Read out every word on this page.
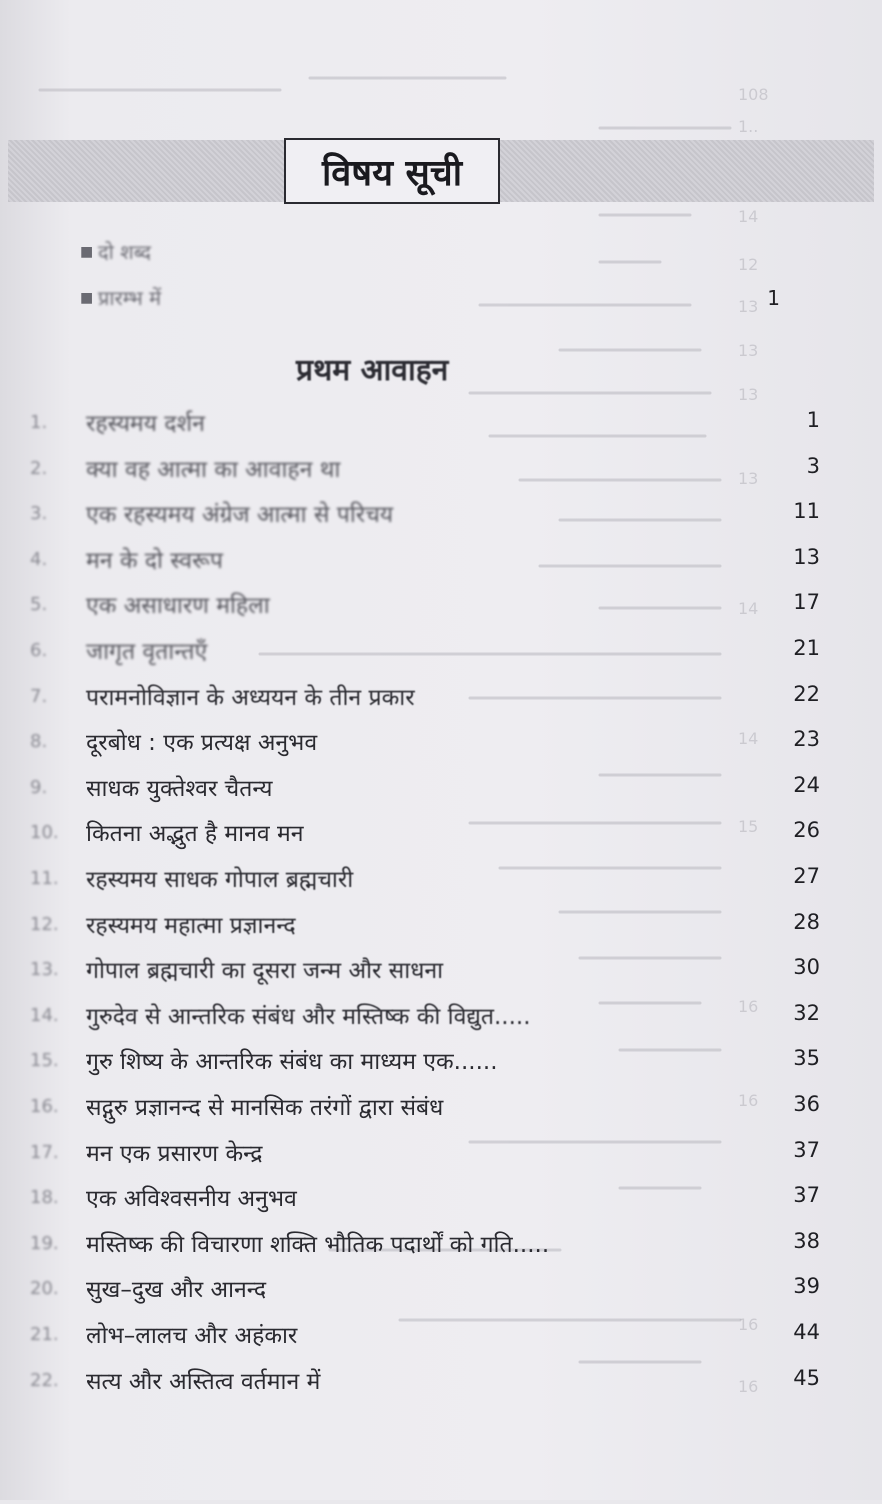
108
1..
14
12
13
13
13
13
14
14
15
16
16
16
16
विषय सूची
■ दो शब्द
■ प्रारम्भ में	1
प्रथम आवाहन
1.	रहस्यमय दर्शन	1
2.	क्या वह आत्मा का आवाहन था	3
3.	एक रहस्यमय अंग्रेज आत्मा से परिचय	11
4.	मन के दो स्वरूप	13
5.	एक असाधारण महिला	17
6.	जागृत वृतान्तएँ	21
7.	परामनोविज्ञान के अध्ययन के तीन प्रकार	22
8.	दूरबोध : एक प्रत्यक्ष अनुभव	23
9.	साधक युक्तेश्वर चैतन्य	24
10.	कितना अद्भुत है मानव मन	26
11.	रहस्यमय साधक गोपाल ब्रह्मचारी	27
12.	रहस्यमय महात्मा प्रज्ञानन्द	28
13.	गोपाल ब्रह्मचारी का दूसरा जन्म और साधना	30
14.	गुरुदेव से आन्तरिक संबंध और मस्तिष्क की विद्युत.....	32
15.	गुरु शिष्य के आन्तरिक संबंध का माध्यम एक......	35
16.	सद्गुरु प्रज्ञानन्द से मानसिक तरंगों द्वारा संबंध	36
17.	मन एक प्रसारण केन्द्र	37
18.	एक अविश्वसनीय अनुभव	37
19.	मस्तिष्क की विचारणा शक्ति भौतिक पदार्थों को गति.....	38
20.	सुख–दुख और आनन्द	39
21.	लोभ–लालच और अहंकार	44
22.	सत्य और अस्तित्व वर्तमान में	45
